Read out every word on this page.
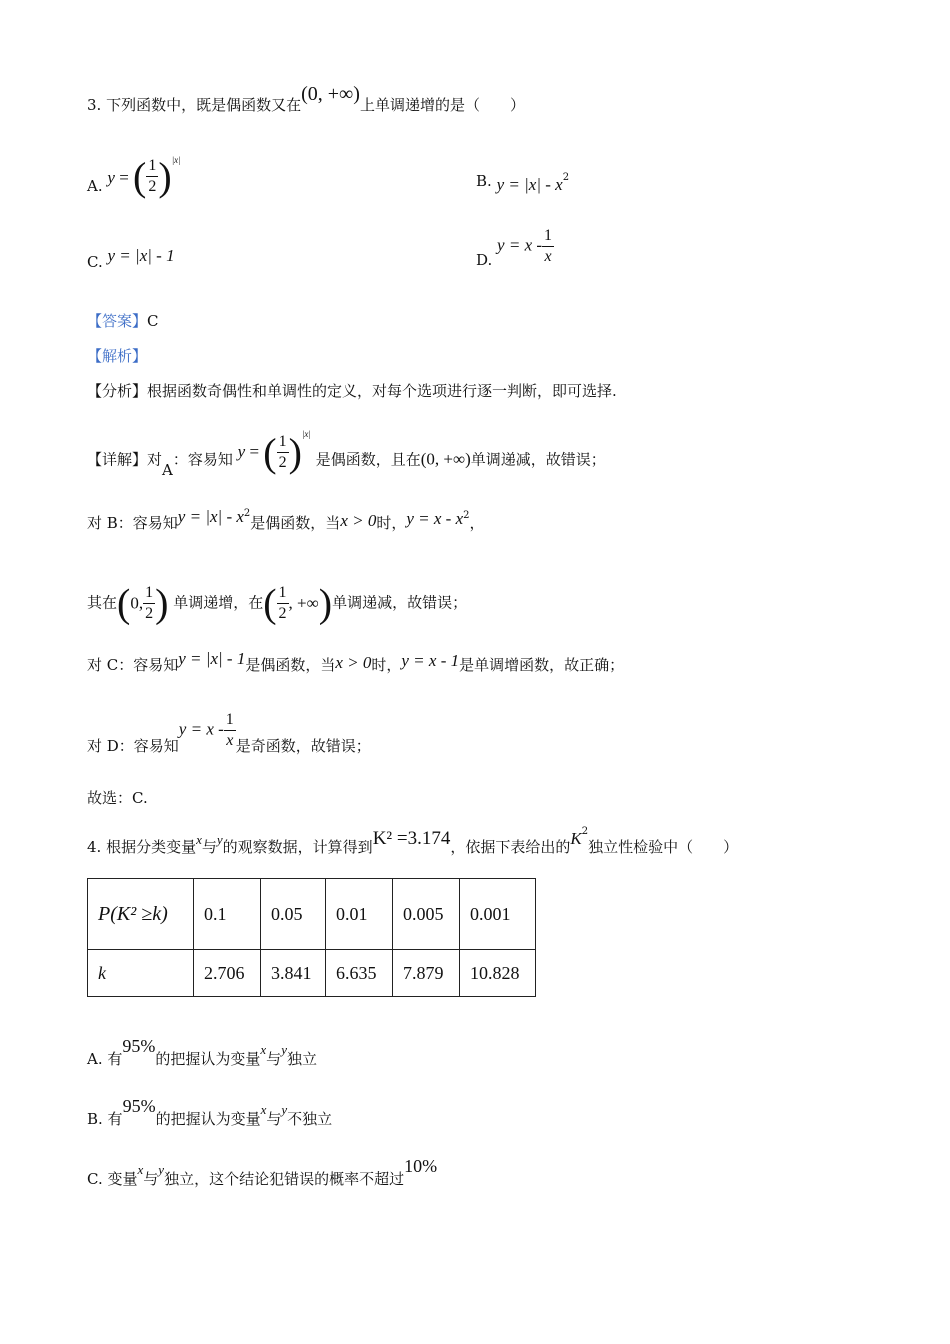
3. 下列函数中，既是偶函数又在(0, +∞)上单调递增的是（　　）
A. y = ( $\frac{1}{2} )^{|x|}$
B. $y = |x| - x^2$
C. y = |x| - 1	D. $y = x - \frac{1}{x}$
【答案】C
【解析】
【分析】根据函数奇偶性和单调性的定义，对每个选项进行逐一判断，即可选择.
【详解】对A：容易知 y = ( $\frac{1}{2} )^{|x|}$ 是偶函数，且在(0, +∞)单调递减，故错误；
对 B：容易知$y = |x| - x^2$是偶函数，当x > 0时，$y = x - x^2$，
其在(0, $\frac{1}{2}$ ) 单调递增，在( $\frac{1}{2}$ , +∞)单调递减，故错误；
对 C：容易知y = |x| - 1是偶函数，当x > 0时，y = x - 1是单调增函数，故正确；
对 D：容易知$y = x - \frac{1}{x}$ 是奇函数，故错误；
故选：C.
4. 根据分类变量x与y的观察数据，计算得到K² =3.174，依据下表给出的$K^2$独立性检验中（　　）
P(K² ≥k)	0.1	0.05	0.01	0.005	0.001
k	2.706	3.841	6.635	7.879	10.828
A. 有95%的把握认为变量x与y独立
B. 有95%的把握认为变量x与y不独立
C. 变量x与y独立，这个结论犯错误的概率不超过10%
